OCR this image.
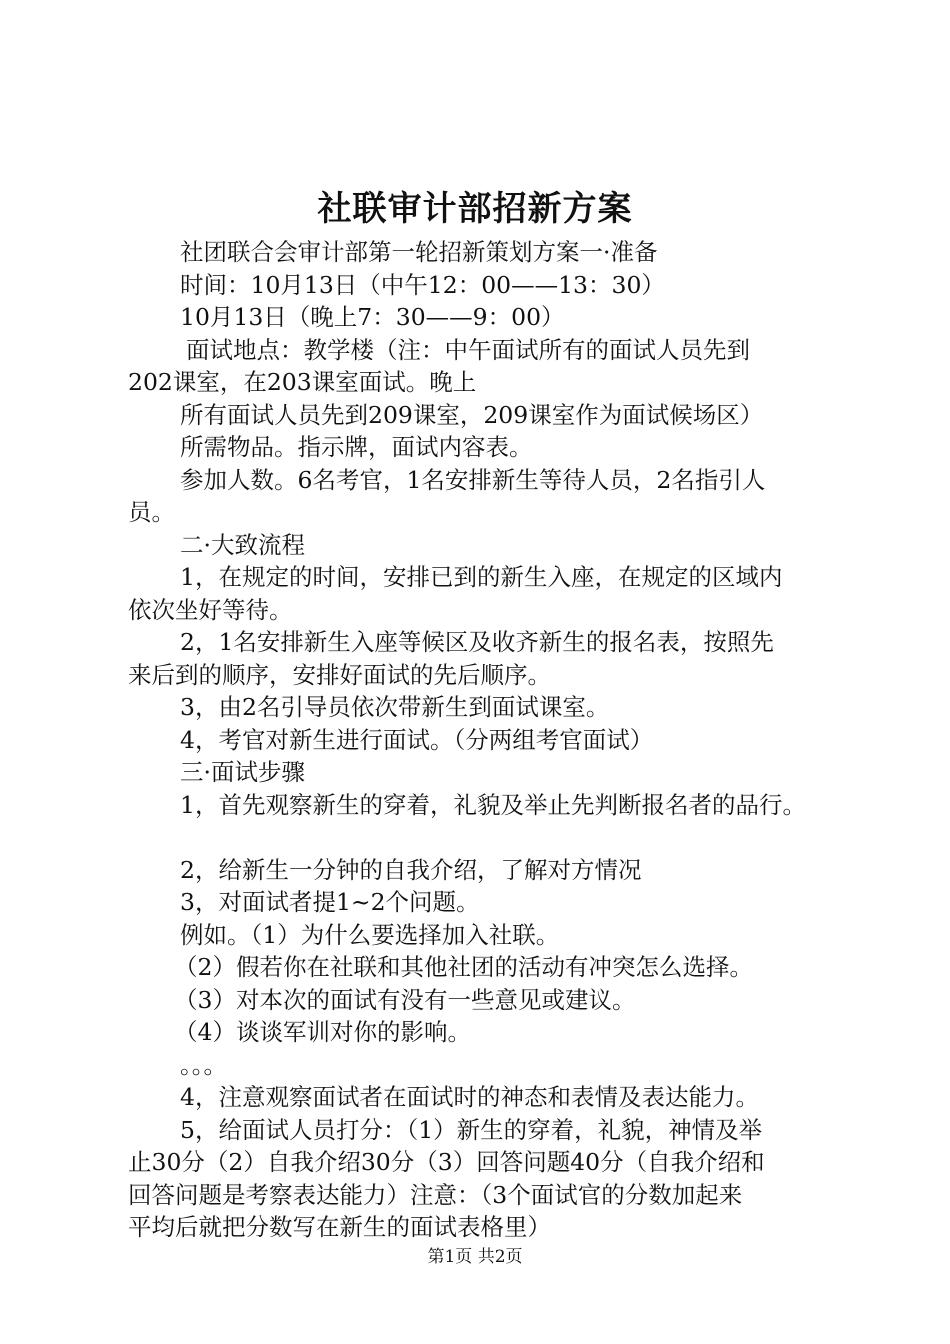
社联审计部招新方案

社团联合会审计部第一轮招新策划方案一·准备

时间：10月13日（中午12：00——13：30）

10月13日（晚上7：30——9：00）

面试地点：教学楼（注：中午面试所有的面试人员先到

202课室，在203课室面试。晚上

所有面试人员先到209课室，209课室作为面试候场区）

所需物品。指示牌，面试内容表。

参加人数。6名考官，1名安排新生等待人员，2名指引人

员。

二·大致流程

1，在规定的时间，安排已到的新生入座，在规定的区域内

依次坐好等待。

2，1名安排新生入座等候区及收齐新生的报名表，按照先

来后到的顺序，安排好面试的先后顺序。

3，由2名引导员依次带新生到面试课室。

4，考官对新生进行面试。（分两组考官面试）

三·面试步骤

1，首先观察新生的穿着，礼貌及举止先判断报名者的品行。

2，给新生一分钟的自我介绍，了解对方情况

3，对面试者提1~2个问题。

例如。（1）为什么要选择加入社联。

（2）假若你在社联和其他社团的活动有冲突怎么选择。

（3）对本次的面试有没有一些意见或建议。

（4）谈谈军训对你的影响。

。。。

4，注意观察面试者在面试时的神态和表情及表达能力。

5，给面试人员打分：（1）新生的穿着，礼貌，神情及举

止30分（2）自我介绍30分（3）回答问题40分（自我介绍和

回答问题是考察表达能力）注意：（3个面试官的分数加起来

平均后就把分数写在新生的面试表格里）

第1页 共2页
